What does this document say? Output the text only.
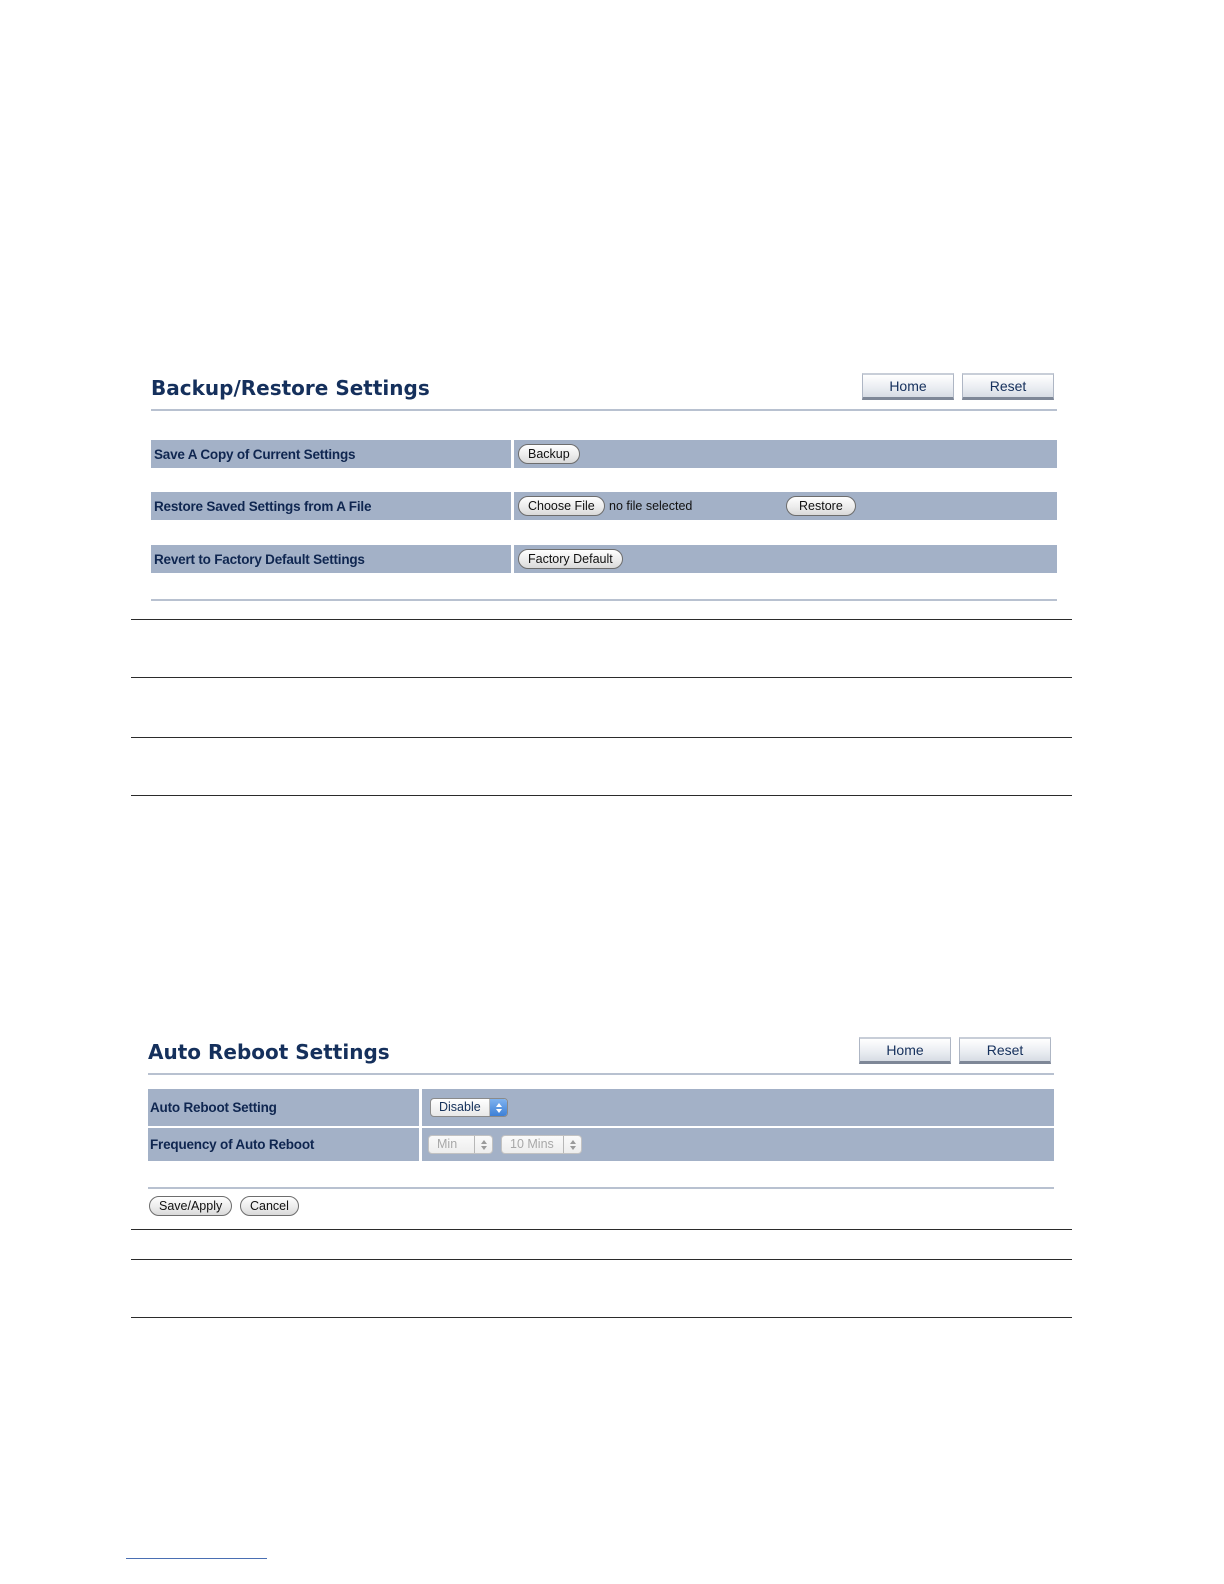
Backup/Restore Settings	Home	Reset
Save A Copy of Current Settings	Backup
Restore Saved Settings from A File	Choose File	no file selected	Restore
Revert to Factory Default Settings	Factory Default
Auto Reboot Settings	Home	Reset
Auto Reboot Setting	Disable
Frequency of Auto Reboot	Min	10 Mins
Save/Apply	Cancel
